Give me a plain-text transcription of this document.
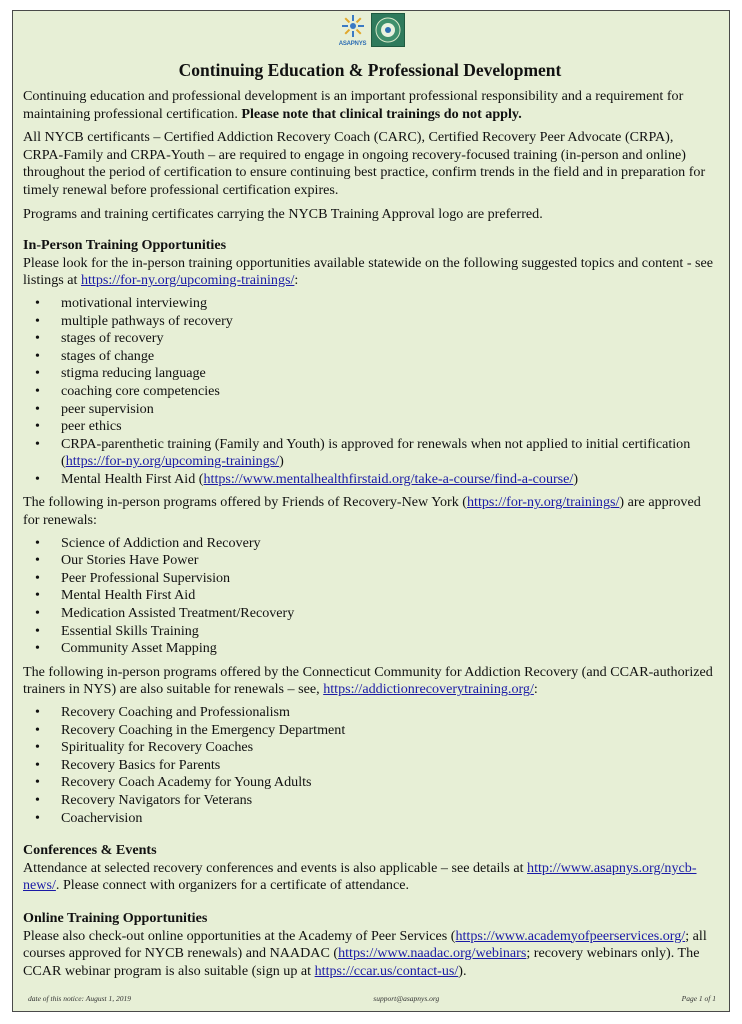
ASAPNYS
Continuing Education & Professional Development

Continuing education and professional development is an important professional responsibility and a requirement for maintaining professional certification. Please note that clinical trainings do not apply.

All NYCB certificants – Certified Addiction Recovery Coach (CARC), Certified Recovery Peer Advocate (CRPA), CRPA-Family and CRPA-Youth – are required to engage in ongoing recovery-focused training (in-person and online) throughout the period of certification to ensure continuing best practice, confirm trends in the field and in preparation for timely renewal before professional certification expires.

Programs and training certificates carrying the NYCB Training Approval logo are preferred.

In-Person Training Opportunities

Please look for the in-person training opportunities available statewide on the following suggested topics and content - see listings at https://for-ny.org/upcoming-trainings/:

• motivational interviewing
• multiple pathways of recovery
• stages of recovery
• stages of change
• stigma reducing language
• coaching core competencies
• peer supervision
• peer ethics
• CRPA-parenthetic training (Family and Youth) is approved for renewals when not applied to initial certification (https://for-ny.org/upcoming-trainings/)
• Mental Health First Aid (https://www.mentalhealthfirstaid.org/take-a-course/find-a-course/)

The following in-person programs offered by Friends of Recovery-New York (https://for-ny.org/trainings/) are approved for renewals:

• Science of Addiction and Recovery
• Our Stories Have Power
• Peer Professional Supervision
• Mental Health First Aid
• Medication Assisted Treatment/Recovery
• Essential Skills Training
• Community Asset Mapping

The following in-person programs offered by the Connecticut Community for Addiction Recovery (and CCAR-authorized trainers in NYS) are also suitable for renewals – see, https://addictionrecoverytraining.org/:

• Recovery Coaching and Professionalism
• Recovery Coaching in the Emergency Department
• Spirituality for Recovery Coaches
• Recovery Basics for Parents
• Recovery Coach Academy for Young Adults
• Recovery Navigators for Veterans
• Coachervision
Conferences & Events

Attendance at selected recovery conferences and events is also applicable – see details at http://www.asapnys.org/nycb-news/. Please connect with organizers for a certificate of attendance.

Online Training Opportunities

Please also check-out online opportunities at the Academy of Peer Services (https://www.academyofpeerservices.org/; all courses approved for NYCB renewals) and NAADAC (https://www.naadac.org/webinars; recovery webinars only). The CCAR webinar program is also suitable (sign up at https://ccar.us/contact-us/).

date of this notice: August 1, 2019	support@asapnys.org	Page 1 of 1
